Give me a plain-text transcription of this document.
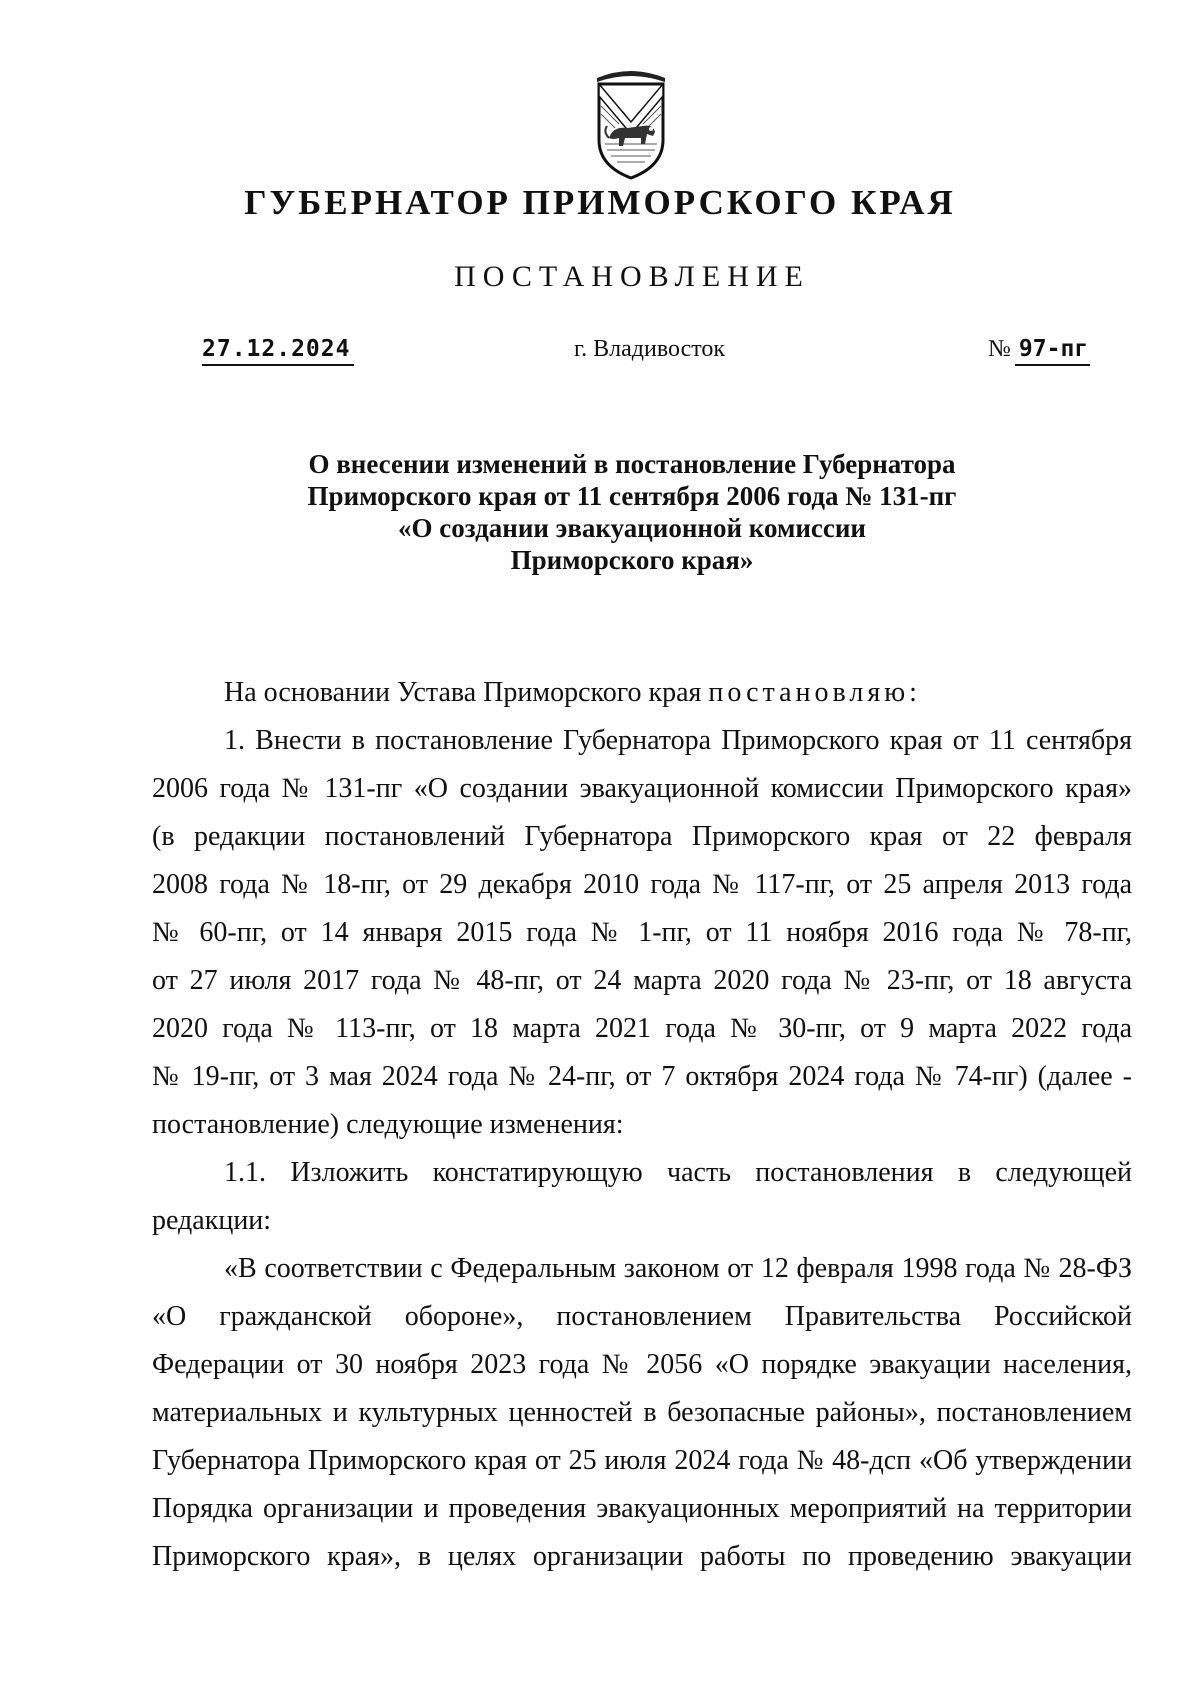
ГУБЕРНАТОР ПРИМОРСКОГО КРАЯ
ПОСТАНОВЛЕНИЕ
27.12.2024	г. Владивосток	№ 97-пг
О внесении изменений в постановление Губернатора
Приморского края от 11 сентября 2006 года № 131-пг
«О создании эвакуационной комиссии
Приморского края»
На основании Устава Приморского края постановляю:
1. Внести в постановление Губернатора Приморского края от 11 сентября
2006 года № 131-пг «О создании эвакуационной комиссии Приморского края»
(в редакции постановлений Губернатора Приморского края от 22 февраля
2008 года № 18-пг, от 29 декабря 2010 года № 117-пг, от 25 апреля 2013 года
№ 60-пг, от 14 января 2015 года № 1-пг, от 11 ноября 2016 года № 78-пг,
от 27 июля 2017 года № 48-пг, от 24 марта 2020 года № 23-пг, от 18 августа
2020 года № 113-пг, от 18 марта 2021 года № 30-пг, от 9 марта 2022 года
№ 19-пг, от 3 мая 2024 года № 24-пг, от 7 октября 2024 года № 74-пг) (далее -
постановление) следующие изменения:
1.1. Изложить констатирующую часть постановления в следующей
редакции:
«В соответствии с Федеральным законом от 12 февраля 1998 года № 28-ФЗ
«О гражданской обороне», постановлением Правительства Российской
Федерации от 30 ноября 2023 года № 2056 «О порядке эвакуации населения,
материальных и культурных ценностей в безопасные районы», постановлением
Губернатора Приморского края от 25 июля 2024 года № 48-дсп «Об утверждении
Порядка организации и проведения эвакуационных мероприятий на территории
Приморского края», в целях организации работы по проведению эвакуации
